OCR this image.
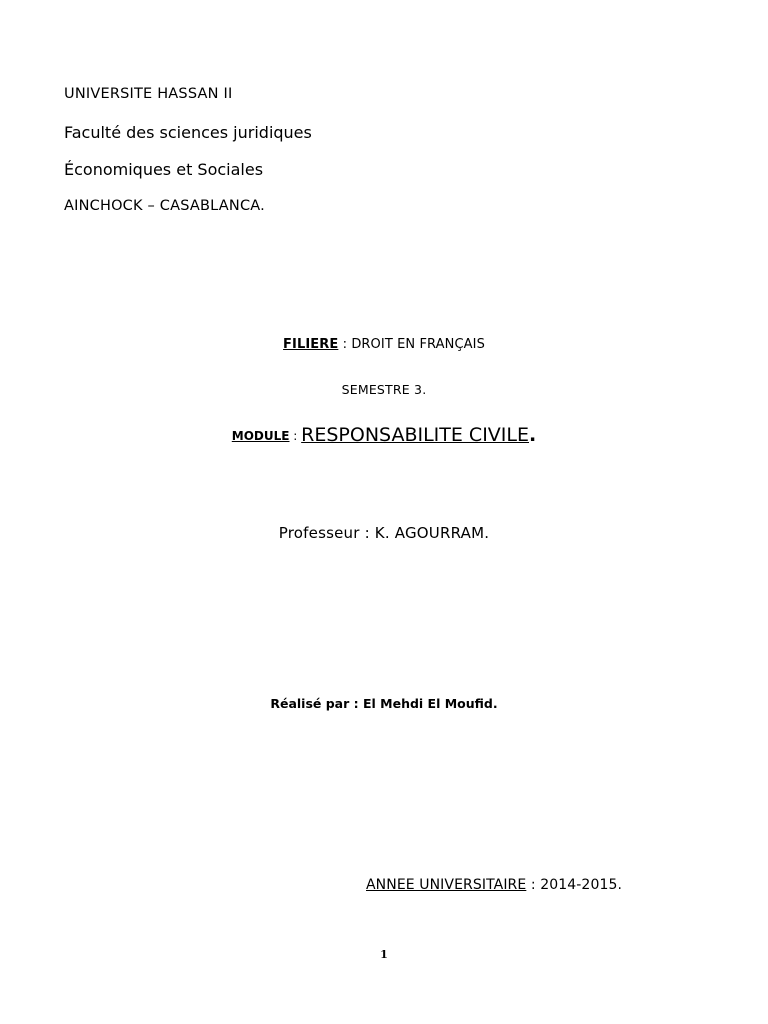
UNIVERSITE HASSAN II
Faculté des sciences juridiques
Économiques et Sociales
AINCHOCK – CASABLANCA.
FILIERE : DROIT EN FRANÇAIS
SEMESTRE 3.
MODULE : RESPONSABILITE CIVILE.
Professeur : K. AGOURRAM.
Réalisé par : El Mehdi El Moufid.
ANNEE UNIVERSITAIRE : 2014-2015.
1
